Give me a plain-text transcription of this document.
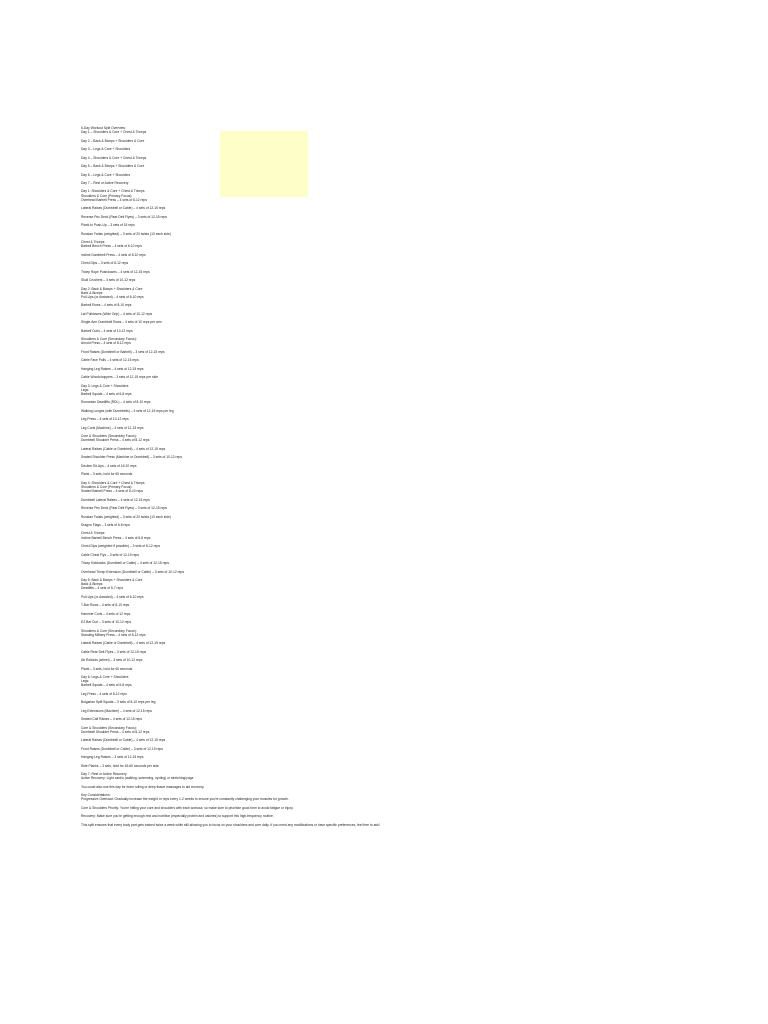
6-Day Workout Split Overview:
Day 1 – Shoulders & Core + Chest & Triceps
Day 2 – Back & Biceps + Shoulders & Core
Day 3 – Legs & Core + Shoulders
Day 4 – Shoulders & Core + Chest & Triceps
Day 5 – Back & Biceps + Shoulders & Core
Day 6 – Legs & Core + Shoulders
Day 7 – Rest or Active Recovery
Day 1: Shoulders & Core + Chest & Triceps
Shoulders & Core (Primary Focus):
Overhead Barbell Press – 4 sets of 8-12 reps
Lateral Raises (Dumbbell or Cable) – 4 sets of 12-15 reps
Reverse Pec Deck (Rear Delt Flyes) – 3 sets of 12-15 reps
Plank to Push-Up – 3 sets of 15 reps
Russian Twists (weighted) – 3 sets of 20 twists (10 each side)
Chest & Triceps:
Barbell Bench Press – 4 sets of 6-10 reps
Incline Dumbbell Press – 4 sets of 8-10 reps
Chest Dips – 3 sets of 8-12 reps
Tricep Rope Pushdowns – 4 sets of 12-15 reps
Skull Crushers – 3 sets of 10-12 reps
Day 2: Back & Biceps + Shoulders & Core
Back & Biceps:
Pull-Ups (or Assisted) – 4 sets of 6-10 reps
Barbell Rows – 4 sets of 8-10 reps
Lat Pulldowns (Wide Grip) – 4 sets of 10-12 reps
Single-Arm Dumbbell Rows – 4 sets of 10 reps per arm
Barbell Curls – 4 sets of 10-12 reps
Shoulders & Core (Secondary Focus):
Arnold Press – 4 sets of 8-12 reps
Front Raises (Dumbbell or Barbell) – 3 sets of 12-15 reps
Cable Face Pulls – 4 sets of 12-15 reps
Hanging Leg Raises – 4 sets of 12-15 reps
Cable Woodchoppers – 3 sets of 12-15 reps per side
Day 3: Legs & Core + Shoulders
Legs:
Barbell Squats – 4 sets of 6-8 reps
Romanian Deadlifts (RDL) – 4 sets of 8-10 reps
Walking Lunges (with Dumbbells) – 4 sets of 12-15 reps per leg
Leg Press – 4 sets of 10-12 reps
Leg Curls (Machine) – 4 sets of 12-15 reps
Core & Shoulders (Secondary Focus):
Dumbbell Shoulder Press – 4 sets of 8-12 reps
Lateral Raises (Cable or Dumbbell) – 4 sets of 12-15 reps
Seated Shoulder Press (Machine or Dumbbell) – 3 sets of 10-12 reps
Decline Sit-Ups – 4 sets of 15-20 reps
Plank – 3 sets, hold for 60 seconds
Day 4: Shoulders & Core + Chest & Triceps
Shoulders & Core (Primary Focus):
Seated Barbell Press – 4 sets of 8-10 reps
Dumbbell Lateral Raises – 4 sets of 12-15 reps
Reverse Pec Deck (Rear Delt Flyes) – 3 sets of 12-15 reps
Russian Twists (weighted) – 3 sets of 20 twists (10 each side)
Dragon Flags – 3 sets of 6-8 reps
Chest & Triceps:
Incline Barbell Bench Press – 4 sets of 6-8 reps
Chest Dips (weighted if possible) – 3 sets of 8-12 reps
Cable Chest Flys – 3 sets of 12-15 reps
Tricep Kickbacks (Dumbbell or Cable) – 4 sets of 12-15 reps
Overhead Tricep Extension (Dumbbell or Cable) – 3 sets of 10-12 reps
Day 5: Back & Biceps + Shoulders & Core
Back & Biceps:
Deadlifts – 4 sets of 5-7 reps
Pull-Ups (or Assisted) – 4 sets of 6-10 reps
T-Bar Rows – 4 sets of 8-10 reps
Hammer Curls – 4 sets of 12 reps
EZ Bar Curl – 3 sets of 10-12 reps
Shoulders & Core (Secondary Focus):
Standing Military Press – 4 sets of 8-12 reps
Lateral Raises (Cable or Dumbbell) – 4 sets of 12-15 reps
Cable Rear Delt Flyes – 3 sets of 12-15 reps
Ab Rollouts (wheel) – 3 sets of 10-12 reps
Plank – 3 sets, hold for 60 seconds
Day 6: Legs & Core + Shoulders
Legs:
Barbell Squats – 4 sets of 6-8 reps
Leg Press – 4 sets of 8-12 reps
Bulgarian Split Squats – 3 sets of 8-10 reps per leg
Leg Extensions (Machine) – 4 sets of 12-15 reps
Seated Calf Raises – 4 sets of 12-15 reps
Core & Shoulders (Secondary Focus):
Dumbbell Shoulder Press – 4 sets of 8-12 reps
Lateral Raises (Dumbbell or Cable) – 4 sets of 12-15 reps
Front Raises (Dumbbell or Cable) – 3 sets of 12-15 reps
Hanging Leg Raises – 3 sets of 12-15 reps
Side Planks – 3 sets, hold for 45-60 seconds per side
Day 7: Rest or Active Recovery
Active Recovery: Light cardio (walking, swimming, cycling) or stretching/yoga
You could also use this day for foam rolling or deep tissue massages to aid recovery.
Key Considerations:
Progressive Overload: Gradually increase the weight or reps every 1-2 weeks to ensure you're constantly challenging your muscles for growth.
Core & Shoulders Priority: You're hitting your core and shoulders with each workout, so make sure to prioritize good form to avoid fatigue or injury.
Recovery: Make sure you're getting enough rest and nutrition (especially protein and calories) to support this high-frequency routine.
This split ensures that every body part gets trained twice a week while still allowing you to focus on your shoulders and core daily. If you need any modifications or have specific preferences, feel free to ask!
